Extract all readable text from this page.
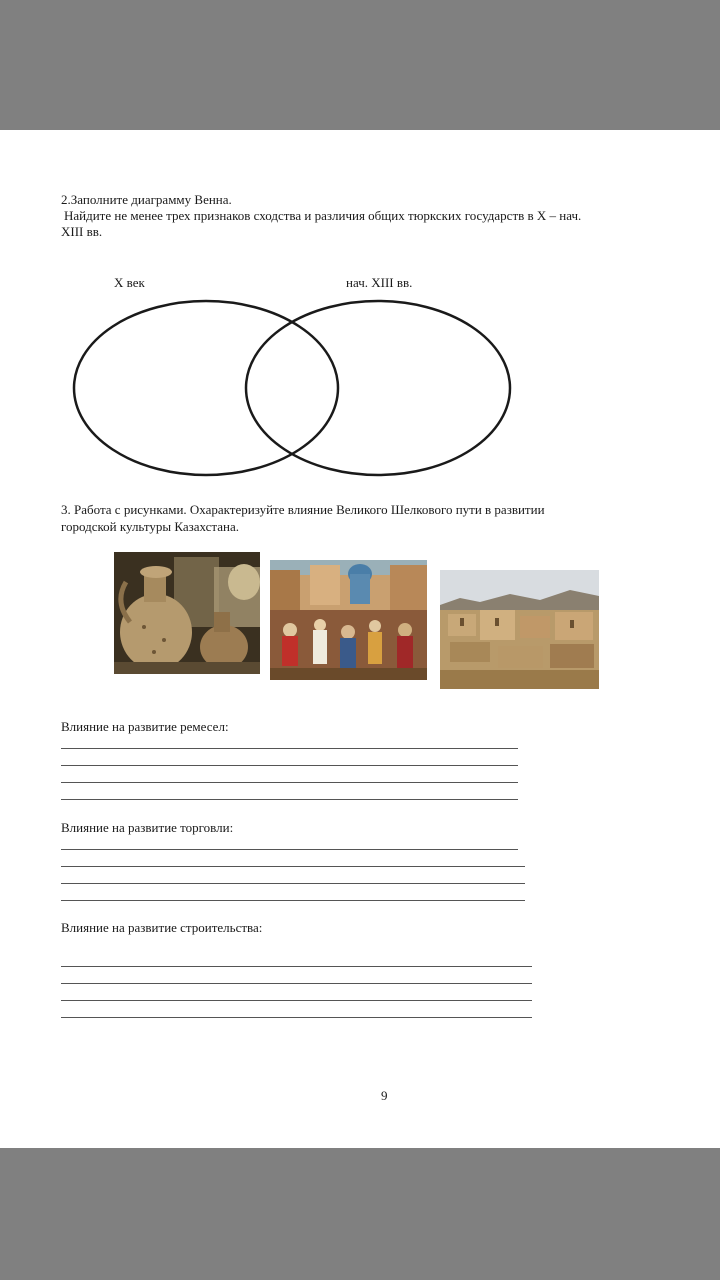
2.Заполните диаграмму Венна.
Найдите не менее трех признаков сходства и различия общих тюркских государств в X – нач.
XIII вв.
X век	нач. XIII вв.
3. Работа с рисунками. Охарактеризуйте влияние Великого Шелкового пути в развитии
городской культуры Казахстана.
Влияние на развитие ремесел:
Влияние на развитие торговли:
Влияние на развитие строительства:
9
